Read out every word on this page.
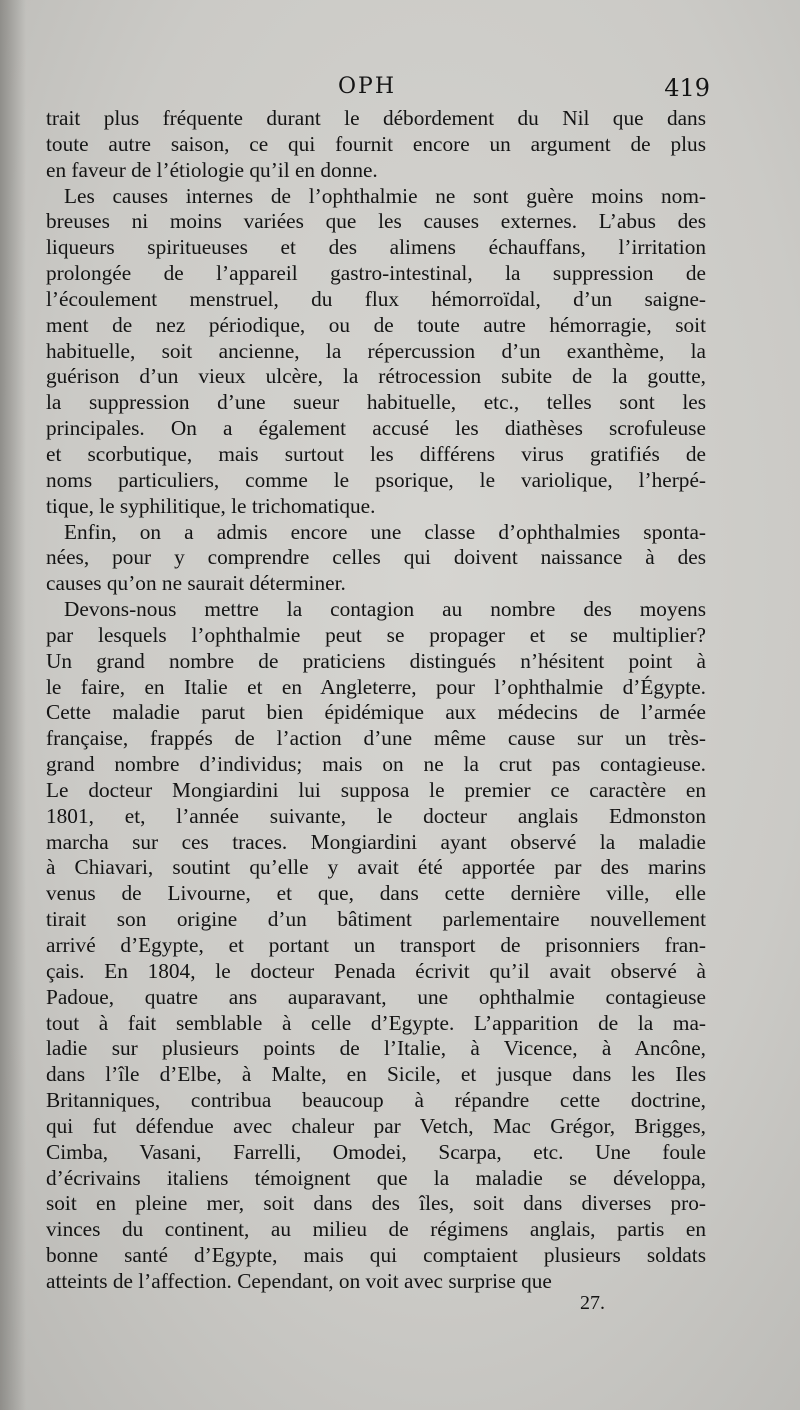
OPH	419
trait plus fréquente durant le débordement du Nil que dans
toute autre saison, ce qui fournit encore un argument de plus
en faveur de l’étiologie qu’il en donne.
Les causes internes de l’ophthalmie ne sont guère moins nom-
breuses ni moins variées que les causes externes. L’abus des
liqueurs spiritueuses et des alimens échauffans, l’irritation
prolongée de l’appareil gastro-intestinal, la suppression de
l’écoulement menstruel, du flux hémorroïdal, d’un saigne-
ment de nez périodique, ou de toute autre hémorragie, soit
habituelle, soit ancienne, la répercussion d’un exanthème, la
guérison d’un vieux ulcère, la rétrocession subite de la goutte,
la suppression d’une sueur habituelle, etc., telles sont les
principales. On a également accusé les diathèses scrofuleuse
et scorbutique, mais surtout les différens virus gratifiés de
noms particuliers, comme le psorique, le variolique, l’herpé-
tique, le syphilitique, le trichomatique.
Enfin, on a admis encore une classe d’ophthalmies sponta-
nées, pour y comprendre celles qui doivent naissance à des
causes qu’on ne saurait déterminer.
Devons-nous mettre la contagion au nombre des moyens
par lesquels l’ophthalmie peut se propager et se multiplier?
Un grand nombre de praticiens distingués n’hésitent point à
le faire, en Italie et en Angleterre, pour l’ophthalmie d’Égypte.
Cette maladie parut bien épidémique aux médecins de l’armée
française, frappés de l’action d’une même cause sur un très-
grand nombre d’individus; mais on ne la crut pas contagieuse.
Le docteur Mongiardini lui supposa le premier ce caractère en
1801, et, l’année suivante, le docteur anglais Edmonston
marcha sur ces traces. Mongiardini ayant observé la maladie
à Chiavari, soutint qu’elle y avait été apportée par des marins
venus de Livourne, et que, dans cette dernière ville, elle
tirait son origine d’un bâtiment parlementaire nouvellement
arrivé d’Egypte, et portant un transport de prisonniers fran-
çais. En 1804, le docteur Penada écrivit qu’il avait observé à
Padoue, quatre ans auparavant, une ophthalmie contagieuse
tout à fait semblable à celle d’Egypte. L’apparition de la ma-
ladie sur plusieurs points de l’Italie, à Vicence, à Ancône,
dans l’île d’Elbe, à Malte, en Sicile, et jusque dans les Iles
Britanniques, contribua beaucoup à répandre cette doctrine,
qui fut défendue avec chaleur par Vetch, Mac Grégor, Brigges,
Cimba, Vasani, Farrelli, Omodei, Scarpa, etc. Une foule
d’écrivains italiens témoignent que la maladie se développa,
soit en pleine mer, soit dans des îles, soit dans diverses pro-
vinces du continent, au milieu de régimens anglais, partis en
bonne santé d’Egypte, mais qui comptaient plusieurs soldats
atteints de l’affection. Cependant, on voit avec surprise que
27.
